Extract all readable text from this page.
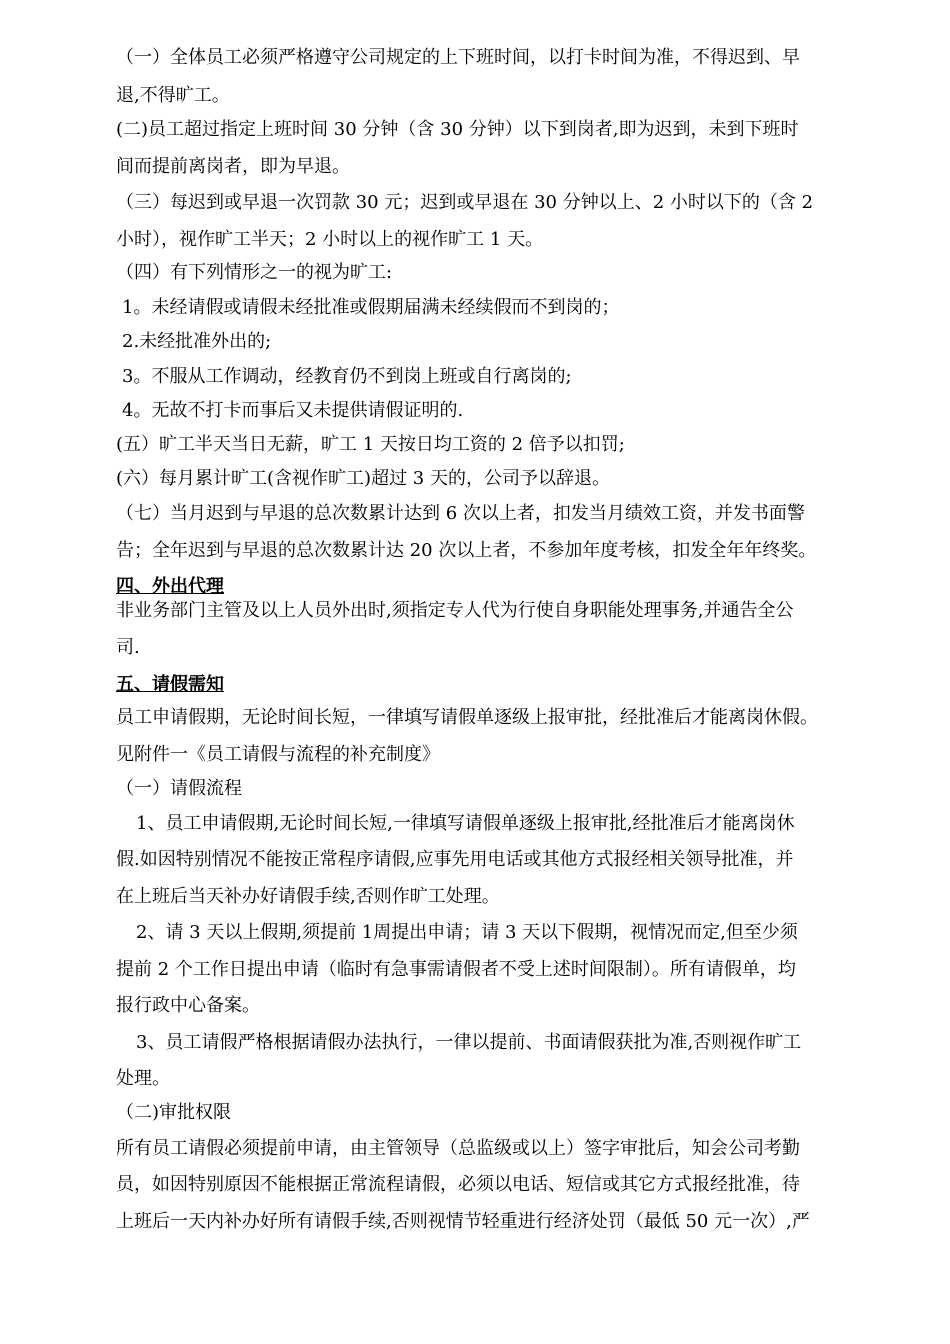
（一）全体员工必须严格遵守公司规定的上下班时间，以打卡时间为准，不得迟到、早
退,不得旷工。
(二)员工超过指定上班时间 30 分钟（含 30 分钟）以下到岗者,即为迟到，未到下班时
间而提前离岗者，即为早退。
（三）每迟到或早退一次罚款 30 元；迟到或早退在 30 分钟以上、2 小时以下的（含 2
小时），视作旷工半天；2 小时以上的视作旷工 1 天。
（四）有下列情形之一的视为旷工:
1。未经请假或请假未经批准或假期届满未经续假而不到岗的；
2.未经批准外出的;
3。不服从工作调动，经教育仍不到岗上班或自行离岗的;
4。无故不打卡而事后又未提供请假证明的.
(五）旷工半天当日无薪，旷工 1 天按日均工资的 2 倍予以扣罚;
(六）每月累计旷工(含视作旷工)超过 3 天的，公司予以辞退。
（七）当月迟到与早退的总次数累计达到 6 次以上者，扣发当月绩效工资，并发书面警
告；全年迟到与早退的总次数累计达 20 次以上者，不参加年度考核，扣发全年年终奖。
四、外出代理
非业务部门主管及以上人员外出时,须指定专人代为行使自身职能处理事务,并通告全公
司.
五、请假需知
员工申请假期，无论时间长短，一律填写请假单逐级上报审批，经批准后才能离岗休假。
见附件一《员工请假与流程的补充制度》
（一）请假流程
1、员工申请假期,无论时间长短,一律填写请假单逐级上报审批,经批准后才能离岗休
假.如因特别情况不能按正常程序请假,应事先用电话或其他方式报经相关领导批准，并
在上班后当天补办好请假手续,否则作旷工处理。
2、请 3 天以上假期,须提前 1周提出申请；请 3 天以下假期，视情况而定,但至少须
提前 2 个工作日提出申请（临时有急事需请假者不受上述时间限制）。所有请假单，均
报行政中心备案。
3、员工请假严格根据请假办法执行，一律以提前、书面请假获批为准,否则视作旷工
处理。
（二)审批权限
所有员工请假必须提前申请，由主管领导（总监级或以上）签字审批后，知会公司考勤
员，如因特别原因不能根据正常流程请假，必须以电话、短信或其它方式报经批准，待
上班后一天内补办好所有请假手续,否则视情节轻重进行经济处罚（最低 50 元一次）,严
